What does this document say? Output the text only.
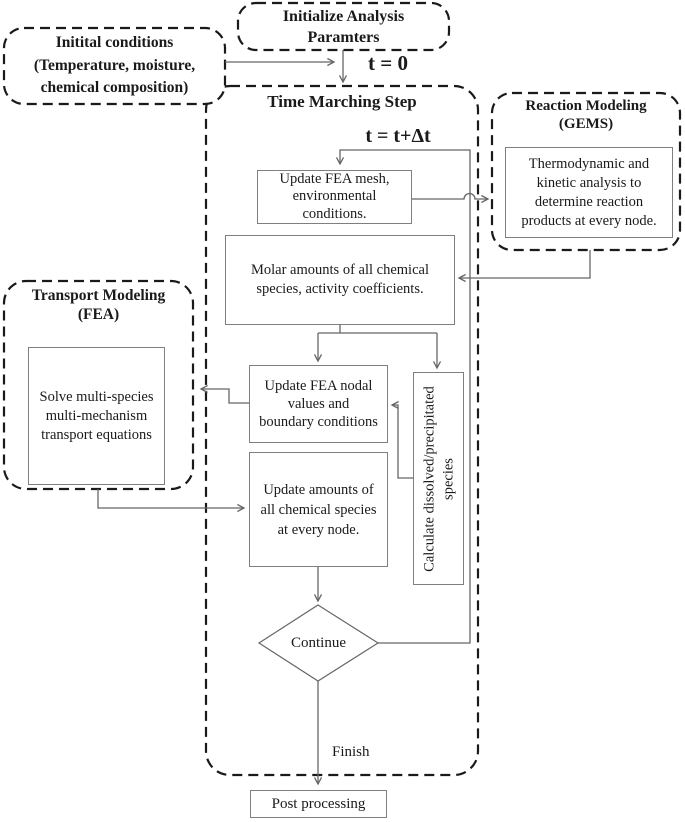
Initital conditions
(Temperature, moisture,
chemical composition)
Initialize Analysis
Paramters
t = 0
Time Marching Step
t = t+Δt
Reaction Modeling
(GEMS)
Transport Modeling
(FEA)
Update FEA mesh,
environmental
conditions.
Thermodynamic and
kinetic analysis to
determine reaction
products at every node.
Molar amounts of all chemical
species, activity coefficients.
Solve multi-species
multi-mechanism
transport equations
Update FEA nodal
values and
boundary conditions	Calculate dissolved/precipitated species
Update amounts of
all chemical species
at every node.
Continue
Finish
Post processing
